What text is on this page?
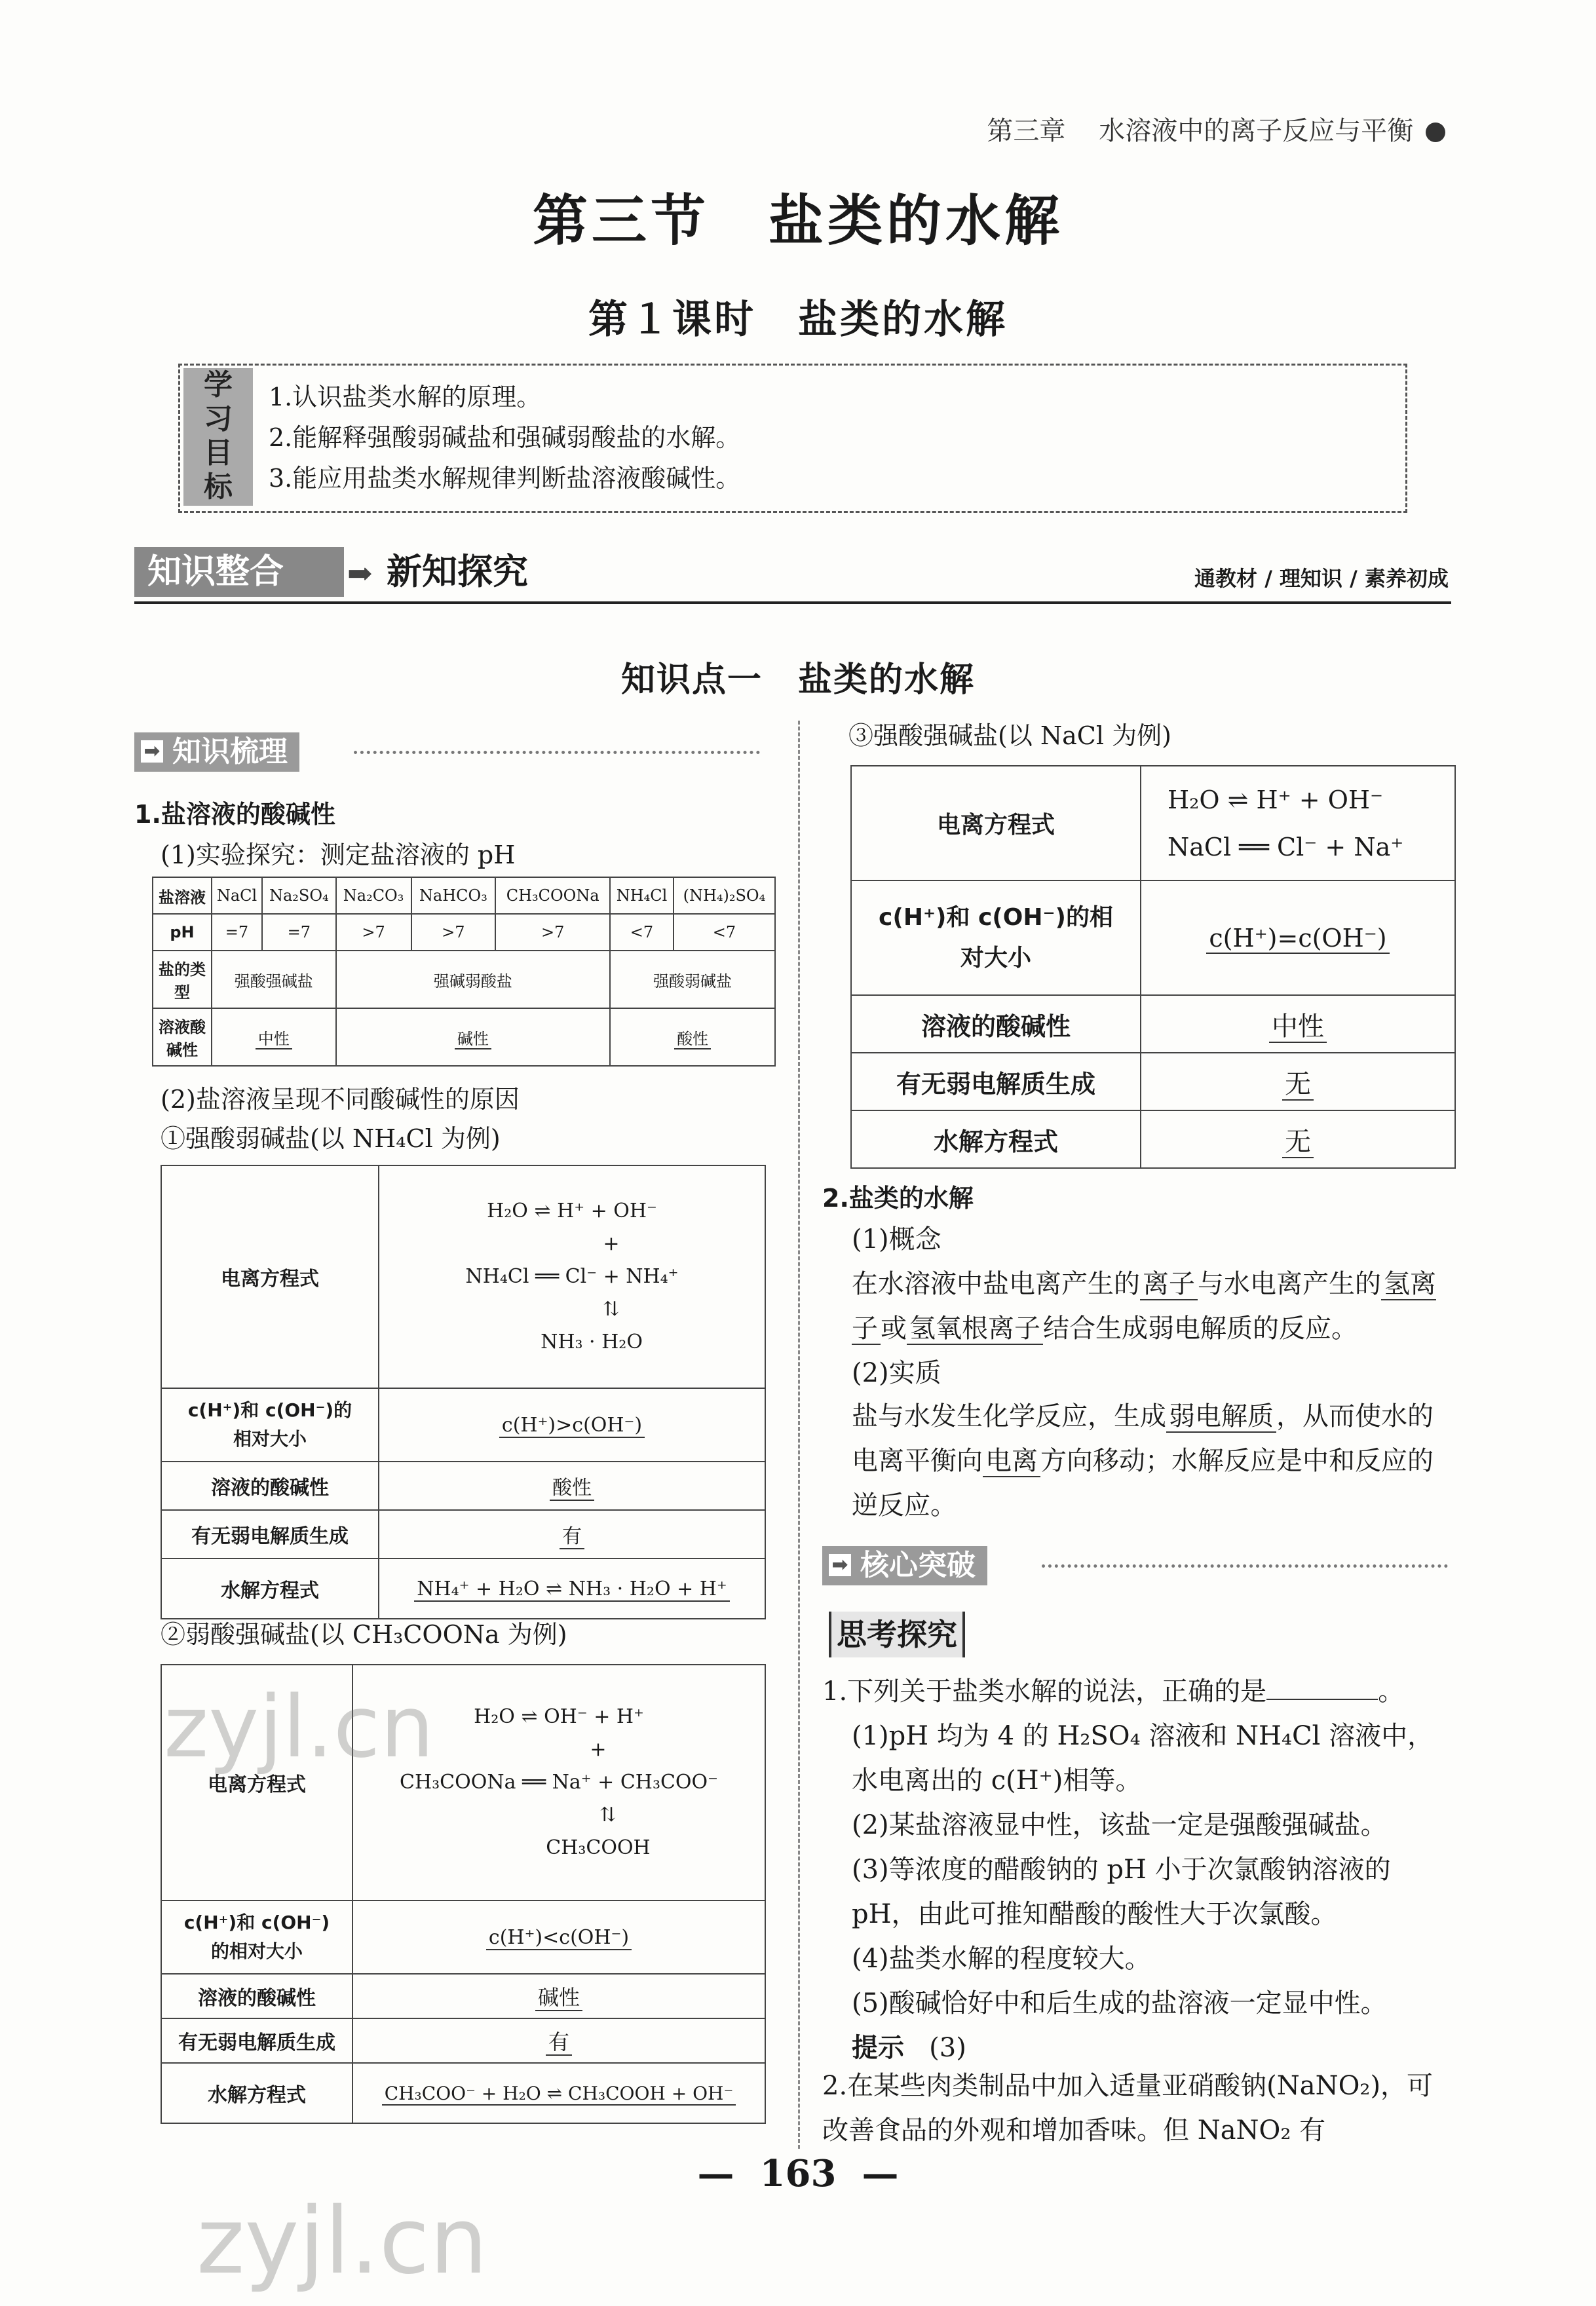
第三章 水溶液中的离子反应与平衡
第三节　盐类的水解
第１课时　盐类的水解
学习目标
1.认识盐类水解的原理。
2.能解释强酸弱碱盐和强碱弱酸盐的水解。
3.能应用盐类水解规律判断盐溶液酸碱性。
知识整合	➡ 新知探究	通教材 / 理知识 / 素养初成
知识点一　盐类的水解
➡ 知识梳理
1.盐溶液的酸碱性
(1)实验探究：测定盐溶液的 pH
盐溶液	NaCl	Na₂SO₄	Na₂CO₃	NaHCO₃	CH₃COONa	NH₄Cl	(NH₄)₂SO₄
pH	=7	=7	>7	>7	>7	<7	<7
盐的类型	强酸强碱盐		强碱弱酸盐			强酸弱碱盐	
溶液酸碱性	中性		碱性			酸性	
(2)盐溶液呈现不同酸碱性的原因
①强酸弱碱盐(以 NH₄Cl 为例)
电离方程式	H₂O ⇌ H⁺ + OH⁻
+
NH₄Cl ══ Cl⁻ + NH₄⁺
⇅
NH₃ · H₂O

c(H⁺)和 c(OH⁻)的相对大小	c(H⁺)>c(OH⁻)
溶液的酸碱性	酸性
有无弱电解质生成	有
水解方程式	NH₄⁺ + H₂O ⇌ NH₃ · H₂O + H⁺
②弱酸强碱盐(以 CH₃COONa 为例)
电离方程式	H₂O ⇌ OH⁻ + H⁺
+
CH₃COONa ══ Na⁺ + CH₃COO⁻
⇅
CH₃COOH

c(H⁺)和 c(OH⁻)的相对大小	c(H⁺)<c(OH⁻)
溶液的酸碱性	碱性
有无弱电解质生成	有
水解方程式	CH₃COO⁻ + H₂O ⇌ CH₃COOH + OH⁻
③强酸强碱盐(以 NaCl 为例)
电离方程式	H₂O ⇌ H⁺ + OH⁻
NaCl ══ Cl⁻ + Na⁺

c(H⁺)和 c(OH⁻)的相对大小	c(H⁺)=c(OH⁻)
溶液的酸碱性	中性
有无弱电解质生成	无
水解方程式	无
2.盐类的水解
(1)概念
在水溶液中盐电离产生的 离子 与水电离产生的 氢离子 或 氢氧根离子 结合生成弱电解质的反应。
(2)实质
盐与水发生化学反应，生成 弱电解质 ，从而使水的电离平衡向 电离 方向移动；水解反应是中和反应的逆反应。
➡ 核心突破
思考探究
1.下列关于盐类水解的说法，正确的是	。
(1)pH 均为 4 的 H₂SO₄ 溶液和 NH₄Cl 溶液中，水电离出的 c(H⁺)相等。
(2)某盐溶液显中性，该盐一定是强酸强碱盐。
(3)等浓度的醋酸钠的 pH 小于次氯酸钠溶液的 pH，由此可推知醋酸的酸性大于次氯酸。
(4)盐类水解的程度较大。
(5)酸碱恰好中和后生成的盐溶液一定显中性。
提示 (3)
2.在某些肉类制品中加入适量亚硝酸钠(NaNO₂)，可改善食品的外观和增加香味。但 NaNO₂ 有
—  163  —
zyjl.cn
zyjl.cn
